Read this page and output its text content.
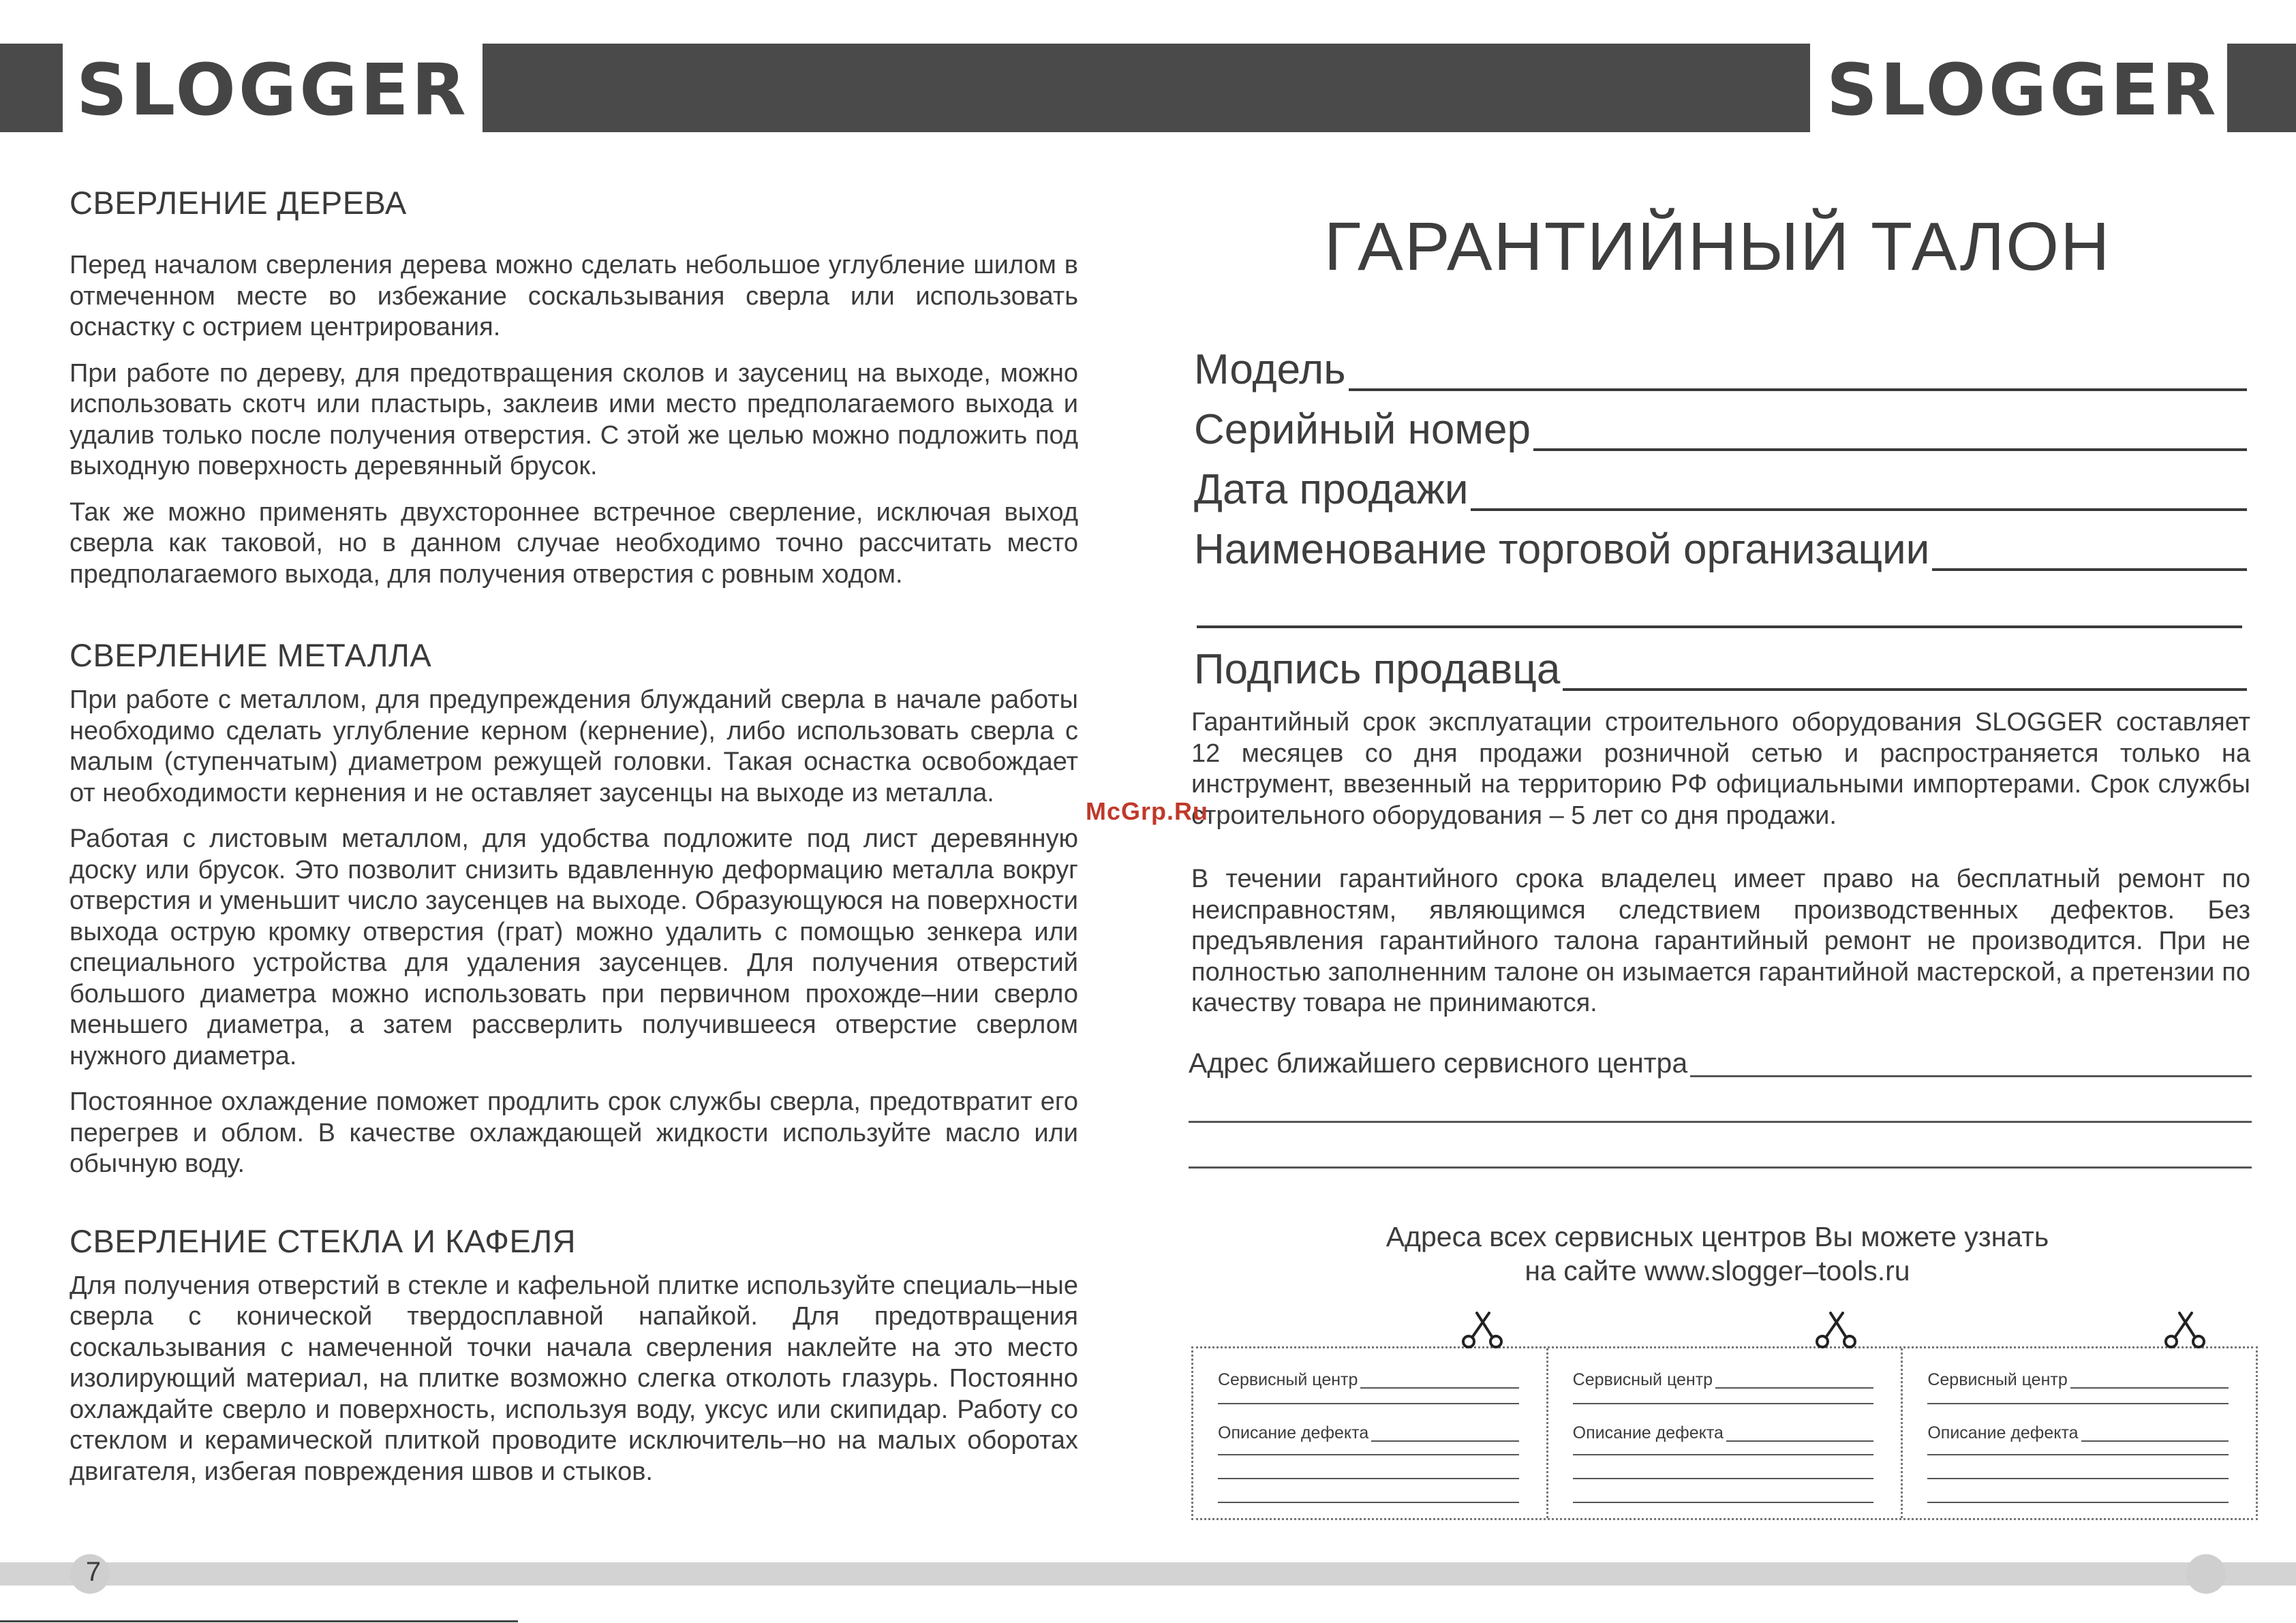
SLOGGER	SLOGGER
СВЕРЛЕНИЕ ДЕРЕВА

Перед началом сверления дерева можно сделать небольшое углубление шилом в отмеченном месте во избежание соскальзывания сверла или использовать оснастку с острием центрирования.

При работе по дереву, для предотвращения сколов и заусениц на выходе, можно использовать скотч или пластырь, заклеив ими место предполагаемого выхода и удалив только после получения отверстия. С этой же целью можно подложить под выходную поверхность деревянный брусок.

Так же можно применять двухстороннее встречное сверление, исключая выход сверла как таковой, но в данном случае необходимо точно рассчитать место предполагаемого выхода, для получения отверстия с ровным ходом.

СВЕРЛЕНИЕ МЕТАЛЛА

При работе с металлом, для предупреждения блужданий сверла в начале работы необходимо сделать углубление керном (кернение), либо использовать сверла с малым (ступенчатым) диаметром режущей головки. Такая оснастка освобождает от необходимости кернения и не оставляет заусенцы на выходе из металла.

Работая с листовым металлом, для удобства подложите под лист деревянную доску или брусок. Это позволит снизить вдавленную деформацию металла вокруг отверстия и уменьшит число заусенцев на выходе. Образующуюся на поверхности выхода острую кромку отверстия (грат) можно удалить с помощью зенкера или специального устройства для удаления заусенцев. Для получения отверстий большого диаметра можно использовать при первичном прохожде–нии сверло меньшего диаметра, а затем рассверлить получившееся отверстие сверлом нужного диаметра.

Постоянное охлаждение поможет продлить срок службы сверла, предотвратит его перегрев и облом. В качестве охлаждающей жидкости используйте масло или обычную воду.

СВЕРЛЕНИЕ СТЕКЛА И КАФЕЛЯ

Для получения отверстий в стекле и кафельной плитке используйте специаль–ные сверла с конической твердосплавной напайкой. Для предотвращения соскальзывания с намеченной точки начала сверления наклейте на это место изолирующий материал, на плитке возможно слегка отколоть глазурь. Постоянно охлаждайте сверло и поверхность, используя воду, уксус или скипидар. Работу со стеклом и керамической плиткой проводите исключитель–но на малых оборотах двигателя, избегая повреждения швов и стыков.

ГАРАНТИЙНЫЙ ТАЛОН
Модель
Серийный номер
Дата продажи
Наименование торговой организации
Подпись продавца

Гарантийный срок эксплуатации строительного оборудования SLOGGER составляет 12 месяцев со дня продажи розничной сетью и распространяется только на инструмент, ввезенный на территорию РФ официальными импортерами. Срок службы строительного оборудования – 5 лет со дня продажи.

В течении гарантийного срока владелец имеет право на бесплатный ремонт по неисправностям, являющимся следствием производственных дефектов. Без предъявления гарантийного талона гарантийный ремонт не производится. При не полностью заполненним талоне он изымается гарантийной мастерской, а претензии по качеству товара не принимаются.

Адрес ближайшего сервисного центра

Адреса всех сервисных центров Вы можете узнать
на сайте www.slogger–tools.ru

Сервисный центр
Описание дефекта
Сервисный центр
Описание дефекта
Сервисный центр
Описание дефекта
McGrp.Ru
7
